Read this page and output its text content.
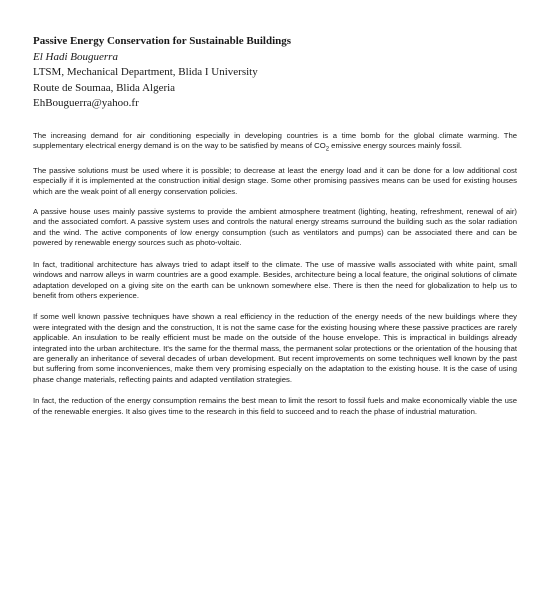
Passive Energy Conservation for Sustainable Buildings
El Hadi Bouguerra
LTSM, Mechanical Department, Blida I University
Route de Soumaa, Blida Algeria
EhBouguerra@yahoo.fr

The increasing demand for air conditioning especially in developing countries is a time bomb for the global climate warming. The supplementary electrical energy demand is on the way to be satisfied by means of $CO_2$ emissive energy sources mainly fossil.

The passive solutions must be used where it is possible; to decrease at least the energy load and it can be done for a low additional cost especially if it is implemented at the construction initial design stage. Some other promising passives means can be used for existing houses which are the weak point of all energy conservation policies.

A passive house uses mainly passive systems to provide the ambient atmosphere treatment (lighting, heating, refreshment, renewal of air) and the associated comfort. A passive system uses and controls the natural energy streams surround the building such as the solar radiation and the wind. The active components of low energy consumption (such as ventilators and pumps) can be associated there and can be powered by renewable energy sources such as photo-voltaic.

In fact, traditional architecture has always tried to adapt itself to the climate. The use of massive walls associated with white paint, small windows and narrow alleys in warm countries are a good example. Besides, architecture being a local feature, the original solutions of climate adaptation developed on a giving site on the earth can be unknown somewhere else. There is then the need for globalization to help us to benefit from others experience.

If some well known passive techniques have shown a real efficiency in the reduction of the energy needs of the new buildings where they were integrated with the design and the construction, It is not the same case for the existing housing where these passive practices are rarely applicable. An insulation to be really efficient must be made on the outside of the house envelope. This is impractical in buildings already integrated into the urban architecture. It's the same for the thermal mass, the permanent solar protections or the orientation of the housing that are generally an inheritance of several decades of urban development. But recent improvements on some techniques well known by the past but suffering from some inconveniences, make them very promising especially on the adaptation to the existing house. It is the case of using phase change materials, reflecting paints and adapted ventilation strategies.

In fact, the reduction of the energy consumption remains the best mean to limit the resort to fossil fuels and make economically viable the use of the renewable energies. It also gives time to the research in this field to succeed and to reach the phase of industrial maturation.
